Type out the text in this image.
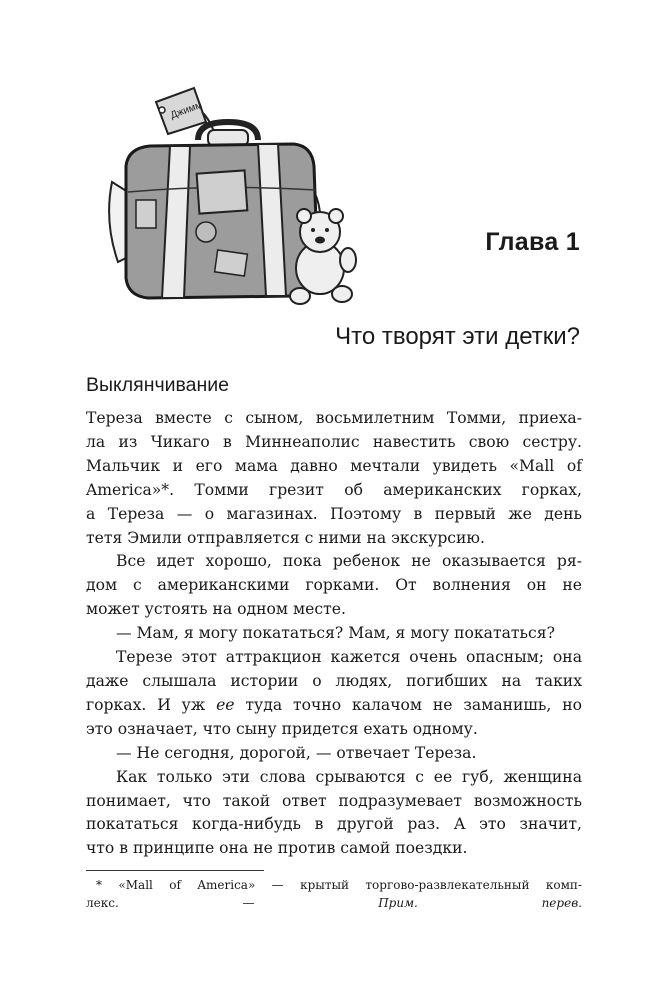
Джимм
Глава 1
Что творят эти детки?
Выклянчивание
Тереза вместе с сыном, восьмилетним Томми, приеха-
ла из Чикаго в Миннеаполис навестить свою сестру.
Мальчик и его мама давно мечтали увидеть «Mall of
America»*. Томми грезит об американских горках,
а Тереза — о магазинах. Поэтому в первый же день
тетя Эмили отправляется с ними на экскурсию.
Все идет хорошо, пока ребенок не оказывается ря-
дом с американскими горками. От волнения он не
может устоять на одном месте.
— Мам, я могу покататься? Мам, я могу покататься?
Терезе этот аттракцион кажется очень опасным; она
даже слышала истории о людях, погибших на таких
горках. И уж ее туда точно калачом не заманишь, но
это означает, что сыну придется ехать одному.
— Не сегодня, дорогой, — отвечает Тереза.
Как только эти слова срываются с ее губ, женщина
понимает, что такой ответ подразумевает возможность
покататься когда-нибудь в другой раз. А это значит,
что в принципе она не против самой поездки.
* «Mall of America» — крытый торгово-развлекательный комп-
лекс. — Прим. перев.
